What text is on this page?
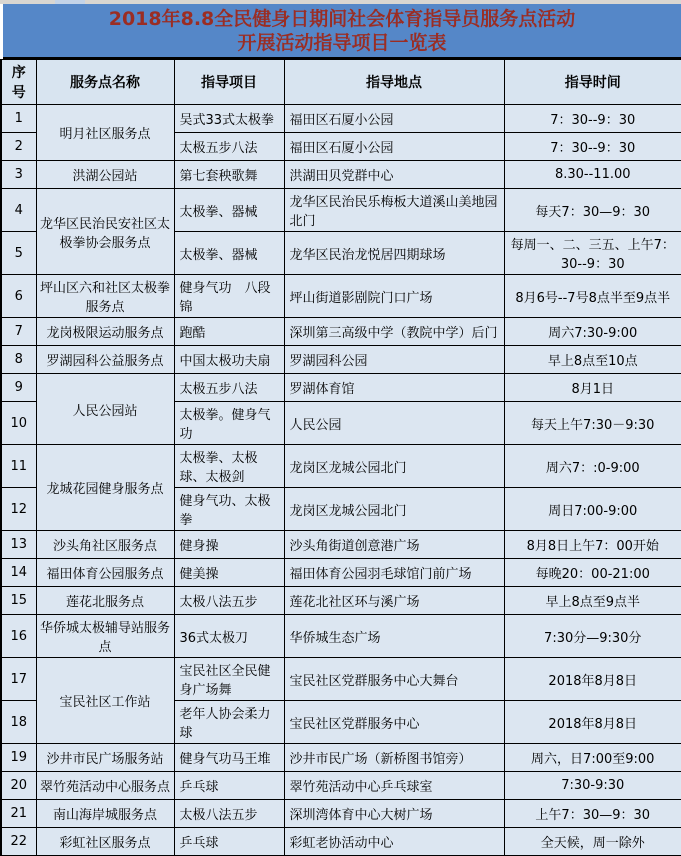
2018年8.8全民健身日期间社会体育指导员服务点活动
开展活动指导项目一览表
序号	服务点名称	指导项目	指导地点	指导时间
1	明月社区服务点	吴式33式太极拳	福田区石厦小公园	7：30--9：30
2		太极五步八法	福田区石厦小公园	7：30--9：30
3	洪湖公园站	第七套秧歌舞	洪湖田贝党群中心	8.30--11.00
4	龙华区民治民安社区太极拳协会服务点	太极拳、器械	龙华区民治民乐梅板大道溪山美地园北门	每天7：30—9：30
5		太极拳、器械	龙华区民治龙悦居四期球场	每周一、二、三五、上午7：30--9：30
6	坪山区六和社区太极拳服务点	健身气功　八段锦	坪山街道影剧院门口广场	8月6号--7号8点半至9点半
7	龙岗极限运动服务点	跑酷	深圳第三高级中学（教院中学）后门	周六7:30-9:00
8	罗湖园科公益服务点	中国太极功夫扇	罗湖园科公园	早上8点至10点
9	人民公园站	太极五步八法	罗湖体育馆	8月1日
10		太极拳。健身气功	人民公园	每天上午7:30－9:30
11	龙城花园健身服务点	太极拳、太极球、太极剑	龙岗区龙城公园北门	周六7：:0-9:00
12		健身气功、太极拳	龙岗区龙城公园北门	周日7:00-9:00
13	沙头角社区服务点	健身操	沙头角街道创意港广场	8月8日上午7：00开始
14	福田体育公园服务点	健美操	福田体育公园羽毛球馆门前广场	每晚20：00-21:00
15	莲花北服务点	太极八法五步	莲花北社区环与溪广场	早上8点至9点半
16	华侨城太极辅导站服务点	36式太极刀	华侨城生态广场	7:30分—9:30分
17	宝民社区工作站	宝民社区全民健身广场舞	宝民社区党群服务中心大舞台	2018年8月8日
18		老年人协会柔力球	宝民社区党群服务中心	2018年8月8日
19	沙井市民广场服务站	健身气功马王堆	沙井市民广场（新桥图书馆旁）	周六，日7:00至9:00
20	翠竹苑活动中心服务点	乒乓球	翠竹苑活动中心乒乓球室	7:30-9:30
21	南山海岸城服务点	太极八法五步	深圳湾体育中心大树广场	上午7：30—9：30
22	彩虹社区服务点	乒乓球	彩虹老协活动中心	全天候，周一除外
